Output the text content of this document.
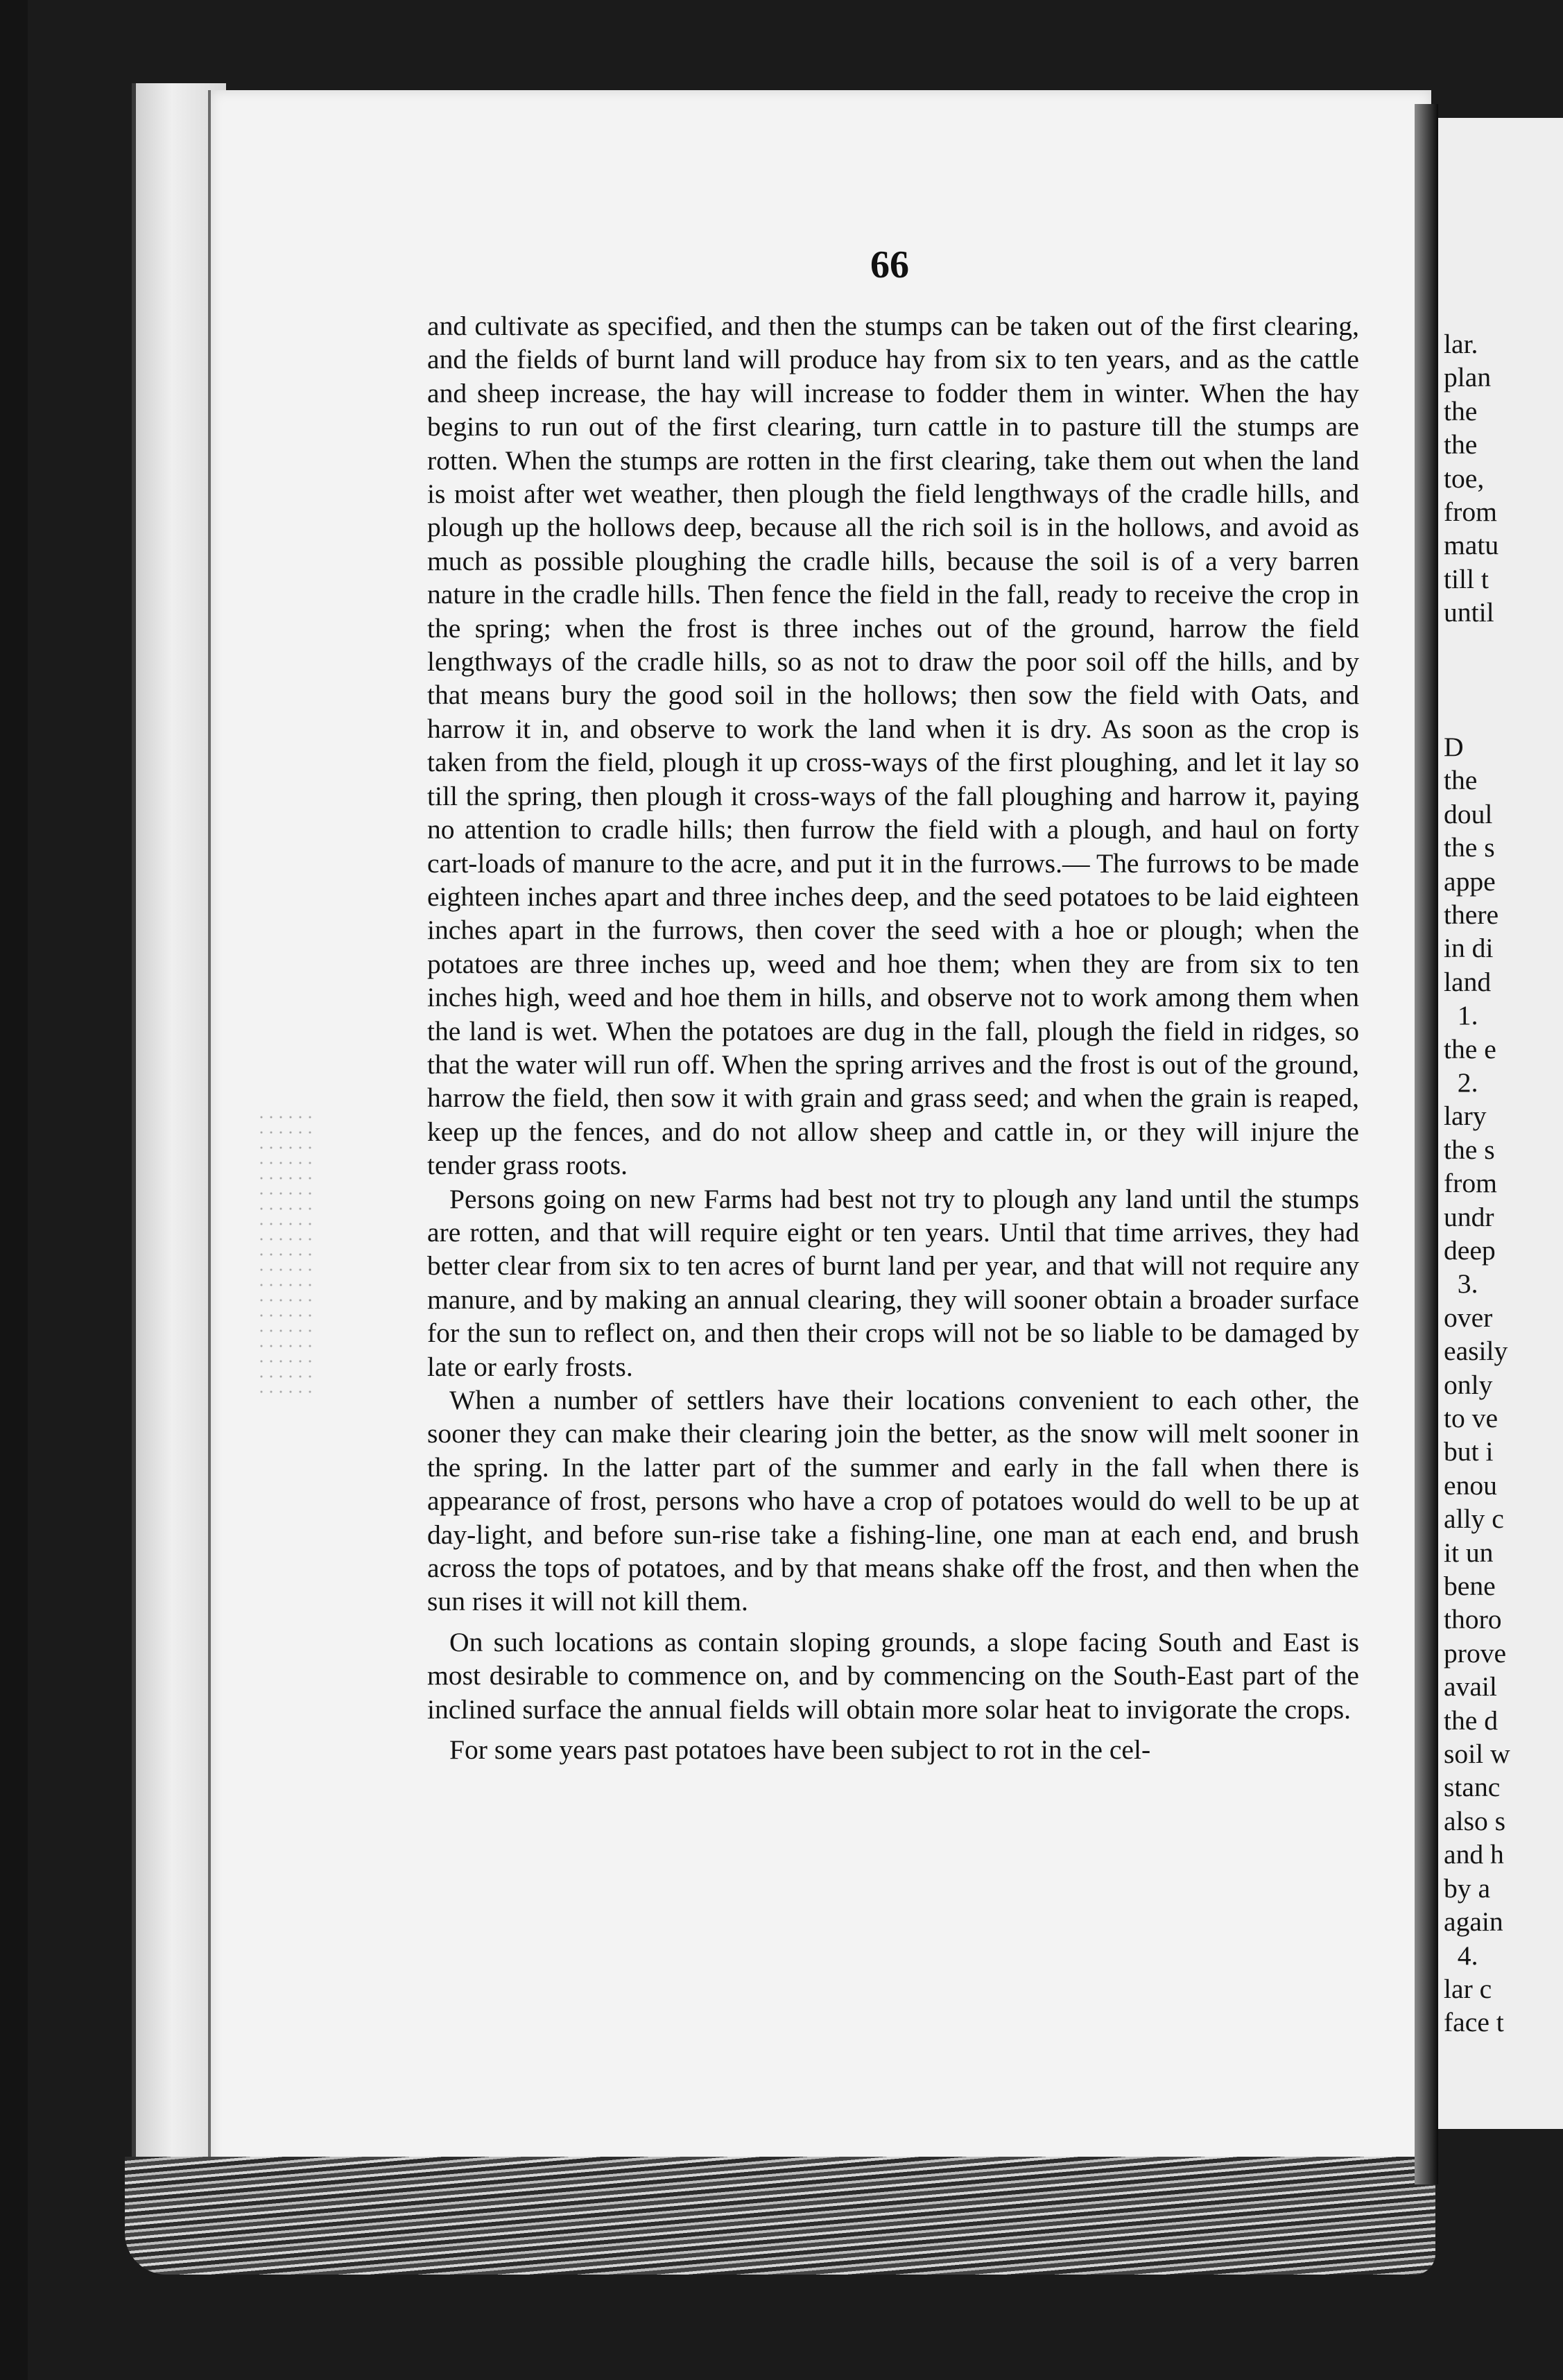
66

and cultivate as specified, and then the stumps can be taken out of the first clearing, and the fields of burnt land will produce hay from six to ten years, and as the cattle and sheep increase, the hay will increase to fodder them in winter. When the hay begins to run out of the first clearing, turn cattle in to pasture till the stumps are rotten. When the stumps are rotten in the first clearing, take them out when the land is moist after wet weather, then plough the field lengthways of the cradle hills, and plough up the hollows deep, because all the rich soil is in the hollows, and avoid as much as possible ploughing the cradle hills, because the soil is of a very barren nature in the cradle hills. Then fence the field in the fall, ready to receive the crop in the spring; when the frost is three inches out of the ground, harrow the field lengthways of the cradle hills, so as not to draw the poor soil off the hills, and by that means bury the good soil in the hollows; then sow the field with Oats, and harrow it in, and observe to work the land when it is dry. As soon as the crop is taken from the field, plough it up cross-ways of the first ploughing, and let it lay so till the spring, then plough it cross-ways of the fall ploughing and harrow it, paying no attention to cradle hills; then furrow the field with a plough, and haul on forty cart-loads of manure to the acre, and put it in the furrows.— The furrows to be made eighteen inches apart and three inches deep, and the seed potatoes to be laid eighteen inches apart in the furrows, then cover the seed with a hoe or plough; when the potatoes are three inches up, weed and hoe them; when they are from six to ten inches high, weed and hoe them in hills, and observe not to work among them when the land is wet. When the potatoes are dug in the fall, plough the field in ridges, so that the water will run off. When the spring arrives and the frost is out of the ground, harrow the field, then sow it with grain and grass seed; and when the grain is reaped, keep up the fences, and do not allow sheep and cattle in, or they will injure the tender grass roots.

Persons going on new Farms had best not try to plough any land until the stumps are rotten, and that will require eight or ten years. Until that time arrives, they had better clear from six to ten acres of burnt land per year, and that will not require any manure, and by making an annual clearing, they will sooner obtain a broader surface for the sun to reflect on, and then their crops will not be so liable to be damaged by late or early frosts.

When a number of settlers have their locations convenient to each other, the sooner they can make their clearing join the better, as the snow will melt sooner in the spring. In the latter part of the summer and early in the fall when there is appearance of frost, persons who have a crop of potatoes would do well to be up at day-light, and before sun-rise take a fishing-line, one man at each end, and brush across the tops of potatoes, and by that means shake off the frost, and then when the sun rises it will not kill them.

On such locations as contain sloping grounds, a slope facing South and East is most desirable to commence on, and by commencing on the South-East part of the inclined surface the annual fields will obtain more solar heat to invigorate the crops.

For some years past potatoes have been subject to rot in the cel-

lar.
plan
the
the
toe,
from
matu
till t
until

D
the
doul
the s
appe
there
in di
land
1.
the e
2.
lary
the s
from
undr
deep
3.
over
easily
only
to ve
but i
enou
ally c
it un
bene
thoro
prove
avail
the d
soil w
stanc
also s
and h
by a
again
4.
lar c
face t
